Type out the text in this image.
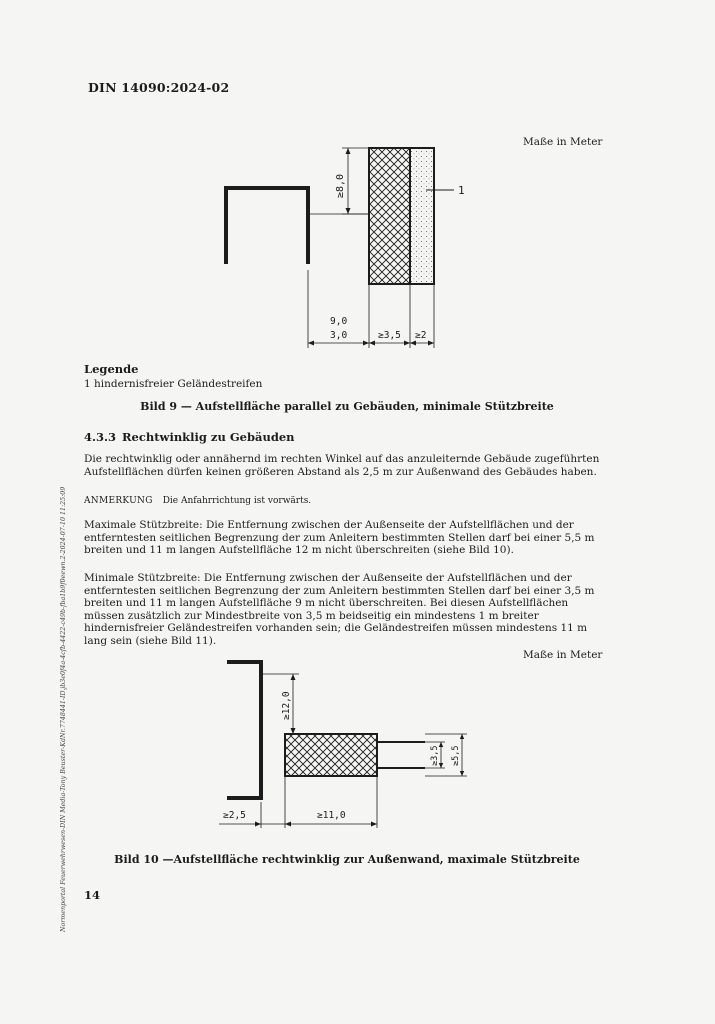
DIN 14090:2024-02
Maße in Meter
≥8,0	1
9,0
3,0	≥3,5 ≥2
Legende
1 hindernisfreier Geländestreifen
Bild 9 — Aufstellfläche parallel zu Gebäuden, minimale Stützbreite
4.3.3 Rechtwinklig zu Gebäuden
Die rechtwinklig oder annähernd im rechten Winkel auf das anzuleiternde Gebäude zugeführten Aufstellflächen dürfen keinen größeren Abstand als 2,5 m zur Außenwand des Gebäudes haben.
ANMERKUNG Die Anfahrrichtung ist vorwärts.
Maximale Stützbreite: Die Entfernung zwischen der Außenseite der Aufstellflächen und der entferntesten seitlichen Begrenzung der zum Anleitern bestimmten Stellen darf bei einer 5,5 m breiten und 11 m langen Aufstellfläche 12 m nicht überschreiten (siehe Bild 10).
Minimale Stützbreite: Die Entfernung zwischen der Außenseite der Aufstellflächen und der entferntesten seitlichen Begrenzung der zum Anleitern bestimmten Stellen darf bei einer 3,5 m breiten und 11 m langen Aufstellfläche 9 m nicht überschreiten. Bei diesen Aufstellflächen müssen zusätzlich zur Mindestbreite von 3,5 m beidseitig ein mindestens 1 m breiter hindernisfreier Geländestreifen vorhanden sein; die Geländestreifen müssen mindestens 11 m lang sein (siehe Bild 11).
Maße in Meter
≥12,0
≥3,5 ≥5,5
≥2,5	≥11,0
Bild 10 —Aufstellfläche rechtwinklig zur Außenwand, maximale Stützbreite
14
Normenportal Feuerwehrwesen-DIN Media-Tony Beuster-KdNr.7748441-ID.jb3e0f4a-4cfb-4422-c49b-fba1b9f0eewn.2-2024-07-10 11:25:09
